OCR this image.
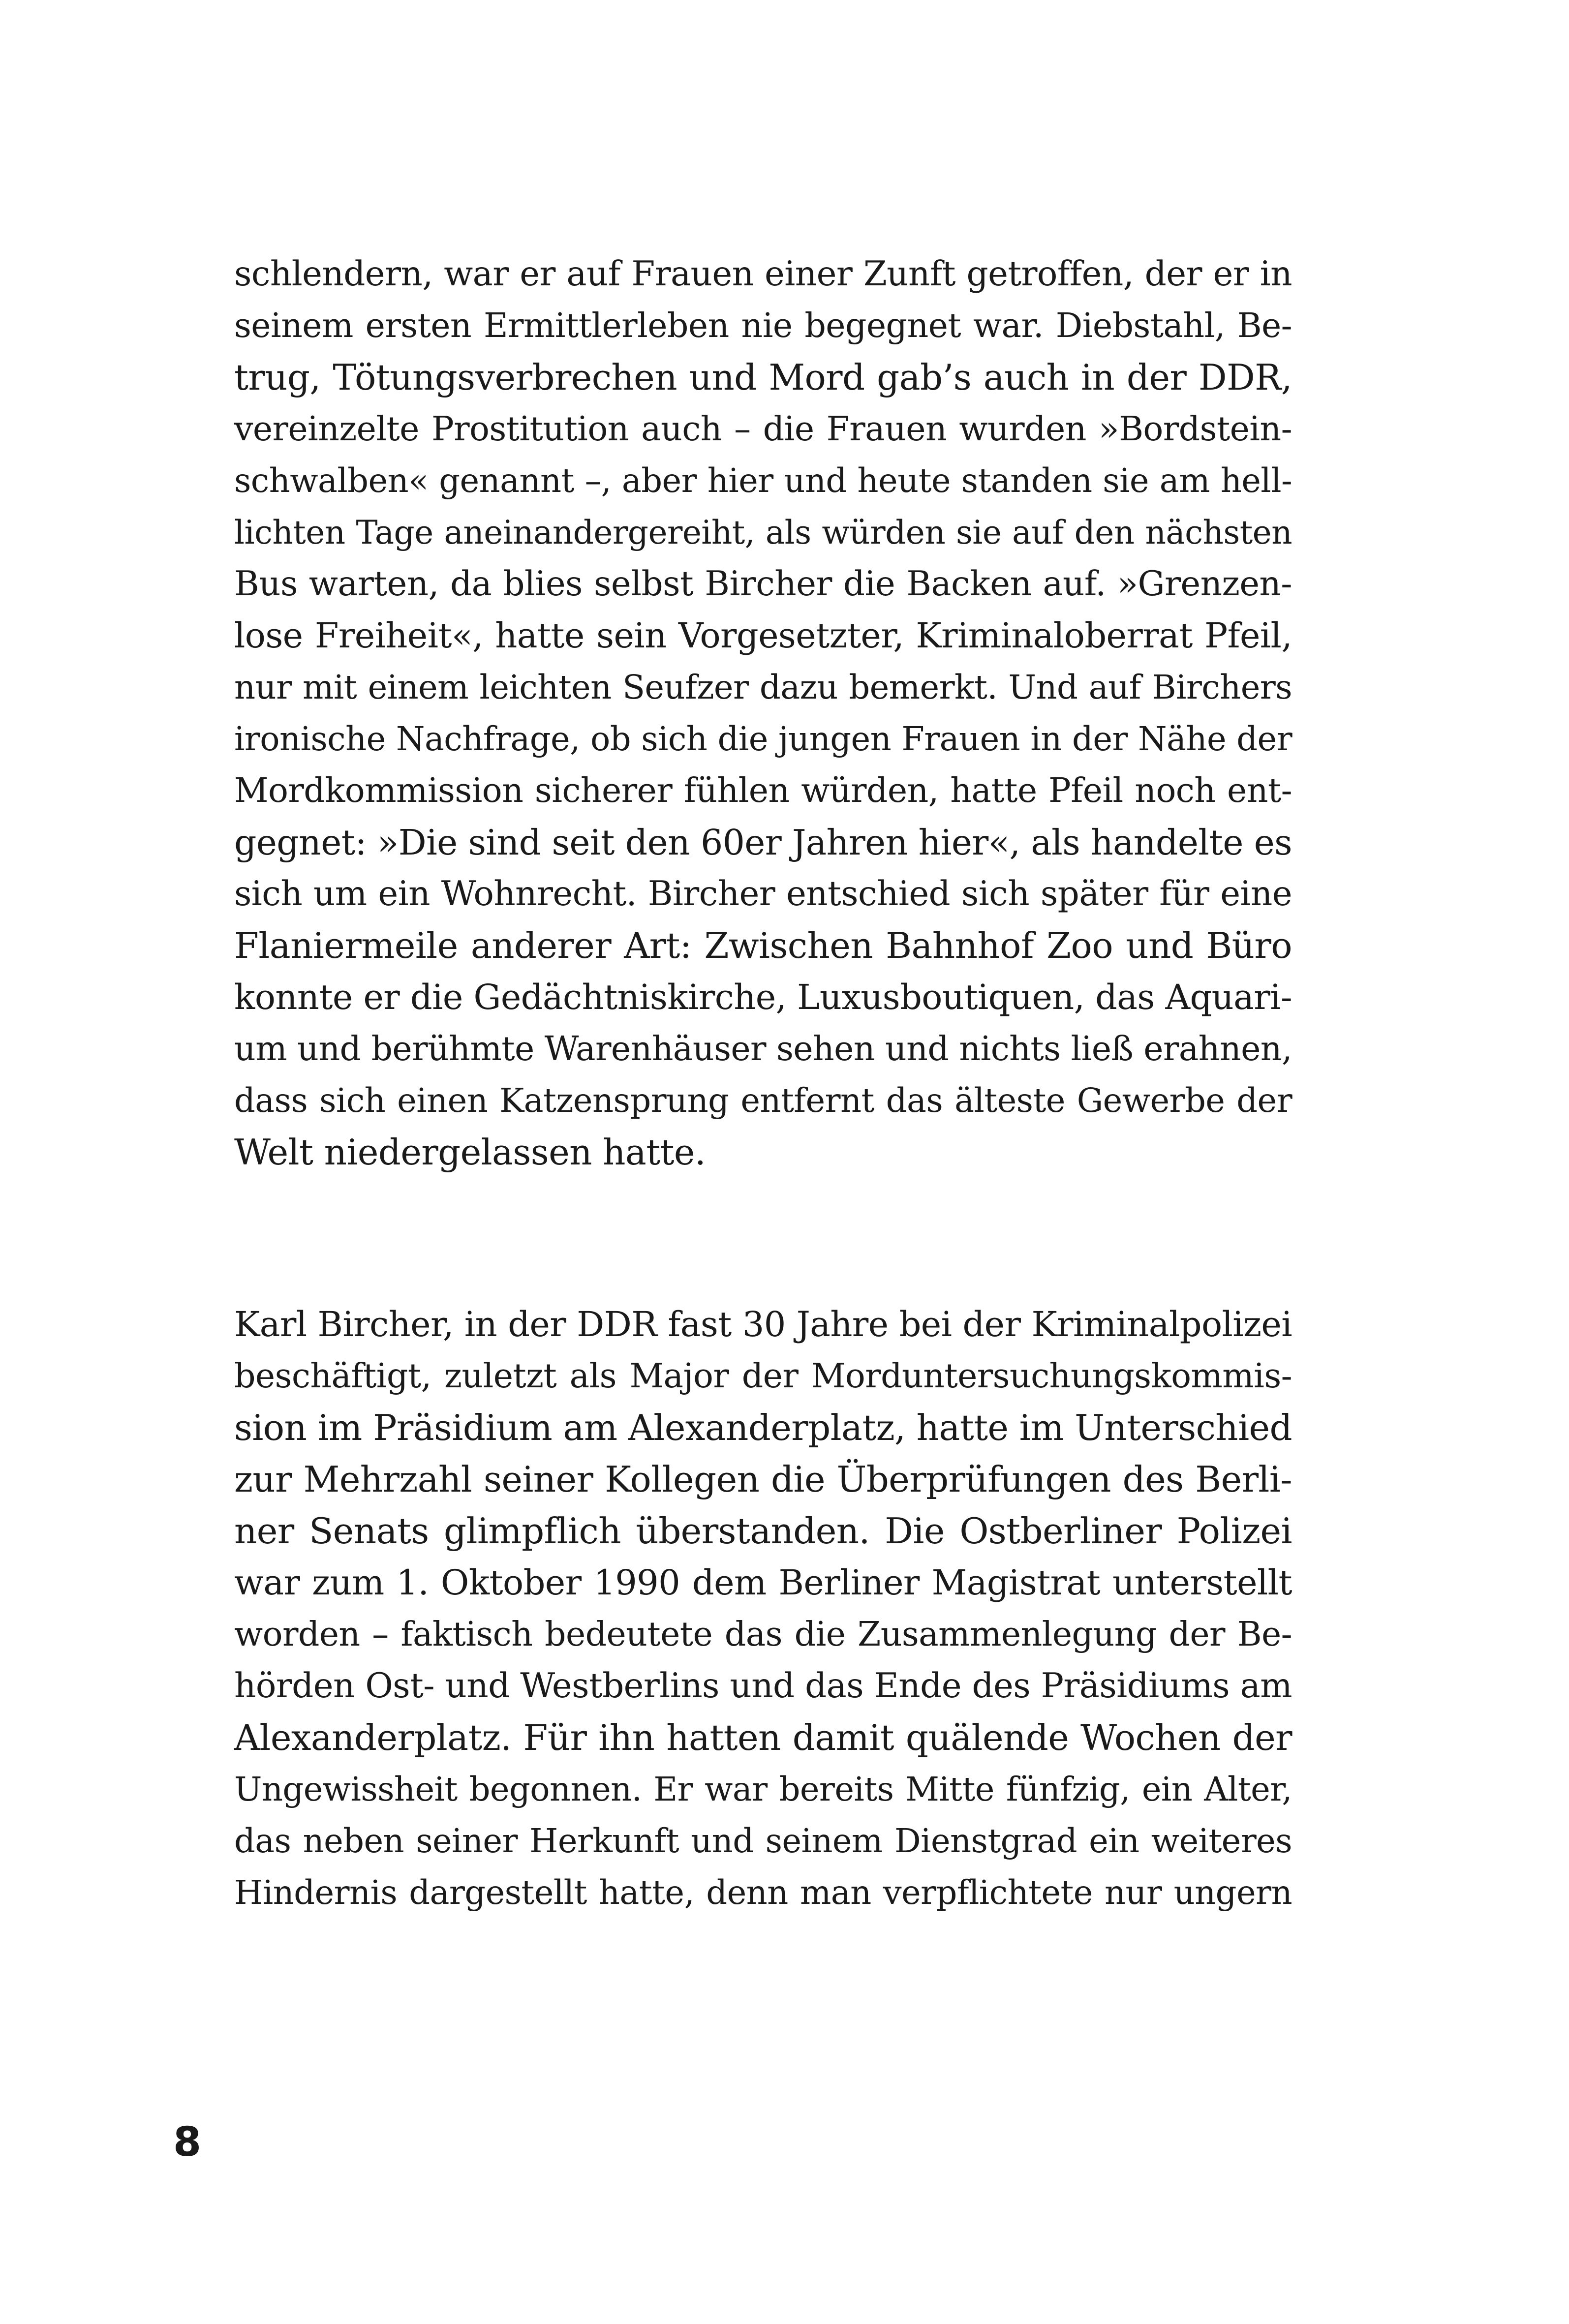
schlendern, war er auf Frauen einer Zunft getroffen, der er in
seinem ersten Ermittlerleben nie begegnet war. Diebstahl, Be-
trug, Tötungsverbrechen und Mord gab’s auch in der DDR,
vereinzelte Prostitution auch – die Frauen wurden »Bordstein-
schwalben« genannt –, aber hier und heute standen sie am hell-
lichten Tage aneinandergereiht, als würden sie auf den nächsten
Bus warten, da blies selbst Bircher die Backen auf. »Grenzen-
lose Freiheit«, hatte sein Vorgesetzter, Kriminaloberrat Pfeil,
nur mit einem leichten Seufzer dazu bemerkt. Und auf Birchers
ironische Nachfrage, ob sich die jungen Frauen in der Nähe der
Mordkommission sicherer fühlen würden, hatte Pfeil noch ent-
gegnet: »Die sind seit den 60er Jahren hier«, als handelte es
sich um ein Wohnrecht. Bircher entschied sich später für eine
Flaniermeile anderer Art: Zwischen Bahnhof Zoo und Büro
konnte er die Gedächtniskirche, Luxusboutiquen, das Aquari-
um und berühmte Warenhäuser sehen und nichts ließ erahnen,
dass sich einen Katzensprung entfernt das älteste Gewerbe der
Welt niedergelassen hatte.
Karl Bircher, in der DDR fast 30 Jahre bei der Kriminalpolizei
beschäftigt, zuletzt als Major der Morduntersuchungskommis-
sion im Präsidium am Alexanderplatz, hatte im Unterschied
zur Mehrzahl seiner Kollegen die Überprüfungen des Berli-
ner Senats glimpflich überstanden. Die Ostberliner Polizei
war zum 1. Oktober 1990 dem Berliner Magistrat unterstellt
worden – faktisch bedeutete das die Zusammenlegung der Be-
hörden Ost- und Westberlins und das Ende des Präsidiums am
Alexanderplatz. Für ihn hatten damit quälende Wochen der
Ungewissheit begonnen. Er war bereits Mitte fünfzig, ein Alter,
das neben seiner Herkunft und seinem Dienstgrad ein weiteres
Hindernis dargestellt hatte, denn man verpflichtete nur ungern
8
